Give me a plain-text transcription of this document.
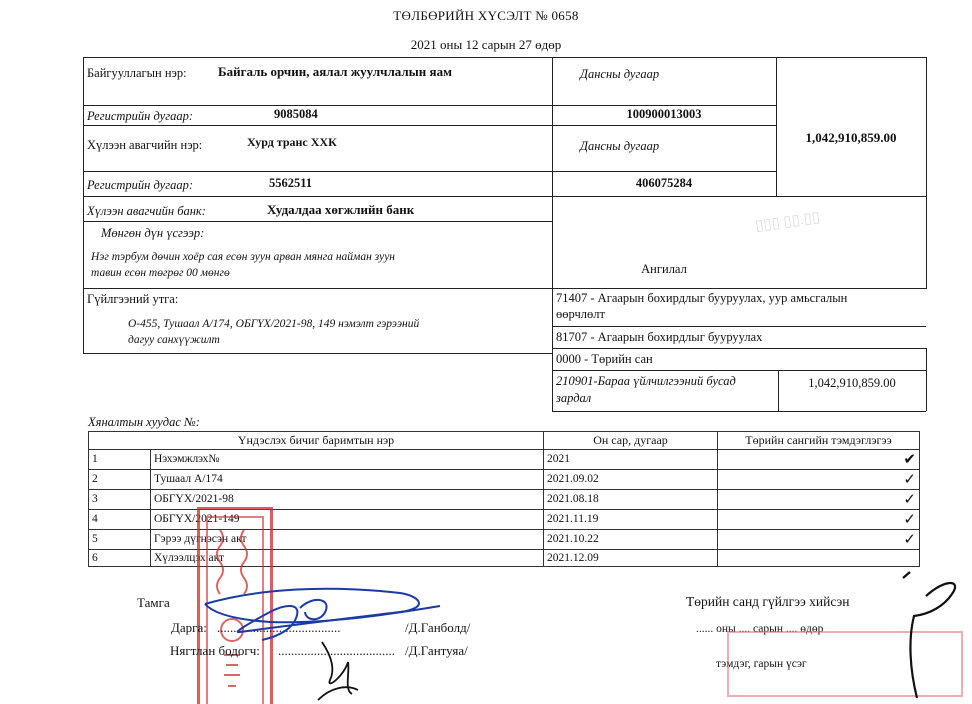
ТӨЛБӨРИЙН ХҮСЭЛТ № 0658
2021 оны 12 сарын 27 өдөр
Байгууллагын нэр: Байгаль орчин, аялал жуулчлалын яам	Дансны дугаар
Регистрийн дугаар:	9085084	100900013003
1,042,910,859.00
Хүлээн авагчийн нэр:	Хурд транс ХХК	Дансны дугаар
Регистрийн дугаар:	5562511	406075284
Хүлээн авагчийн банк:	Худалдаа хөгжлийн банк
Мөнгөн дүн үсгээр:
Нэг тэрбум дөчин хоёр сая есөн зуун арван мянга найман зуун
тавин есөн төгрөг 00 мөнгө	Ангилал
Гүйлгээний утга:
О-455, Тушаал А/174, ОБГҮХ/2021-98, 149 нэмэлт гэрээний
дагуу санхүүжилт
71407 - Агаарын бохирдлыг бууруулах, уур амьсгалын
өөрчлөлт
81707 - Агаарын бохирдлыг бууруулах
0000 - Төрийн сан
210901-Бараа үйлчилгээний бусад
зардал
1,042,910,859.00
▯▯▯ ▯▯.▯▯
Хяналтын хуудас №:
Үндэслэх бичиг баримтын нэр		Он сар, дугаар	Төрийн сангийн тэмдэглэгээ
1	Нэхэмжлэх№	2021	✔
2	Тушаал А/174	2021.09.02	✓
3	ОБГҮХ/2021-98	2021.08.18	✓
4	ОБГҮХ/2021-149	2021.11.19	✓
5	Гэрээ дүгнэсэн акт	2021.10.22	✓
6	Хүлээлцэх акт	2021.12.09	
Тамга
Дарга: ......................................	/Д.Ганболд/
Нягтлан бодогч: .................................... /Д.Гантуяа/
Төрийн санд гүйлгээ хийсэн
...... оны .... сарын .... өдөр
тэмдэг, гарын үсэг
